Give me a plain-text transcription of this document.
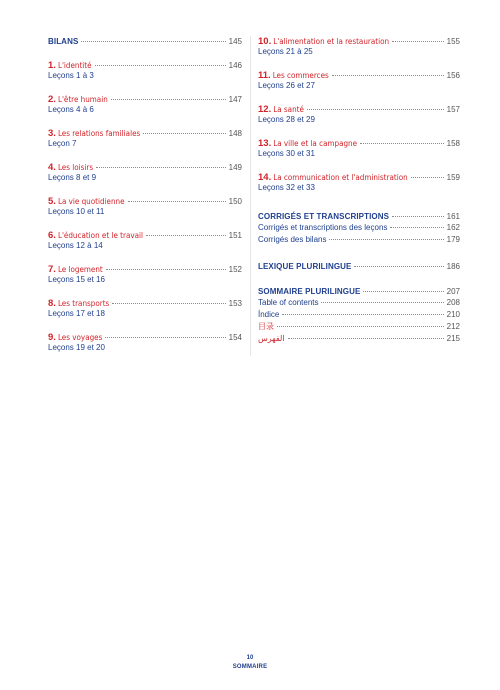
BILANS	145
1. L'identité	146
Leçons 1 à 3
2. L'être humain	147
Leçons 4 à 6
3. Les relations familiales	148
Leçon 7
4. Les loisirs	149
Leçons 8 et 9
5. La vie quotidienne	150
Leçons 10 et 11
6. L'éducation et le travail	151
Leçons 12 à 14
7. Le logement	152
Leçons 15 et 16
8. Les transports	153
Leçons 17 et 18
9. Les voyages	154
Leçons 19 et 20
10. L'alimentation et la restauration	155
Leçons 21 à 25
11. Les commerces	156
Leçons 26 et 27
12. La santé	157
Leçons 28 et 29
13. La ville et la campagne	158
Leçons 30 et 31
14. La communication et l'administration	159
Leçons 32 et 33
CORRIGÉS ET TRANSCRIPTIONS	161
Corrigés et transcriptions des leçons	162
Corrigés des bilans	179
LEXIQUE PLURILINGUE	186
SOMMAIRE PLURILINGUE	207
Table of contents	208
Índice	210
目录	212
الفهرس	215
10
SOMMAIRE
